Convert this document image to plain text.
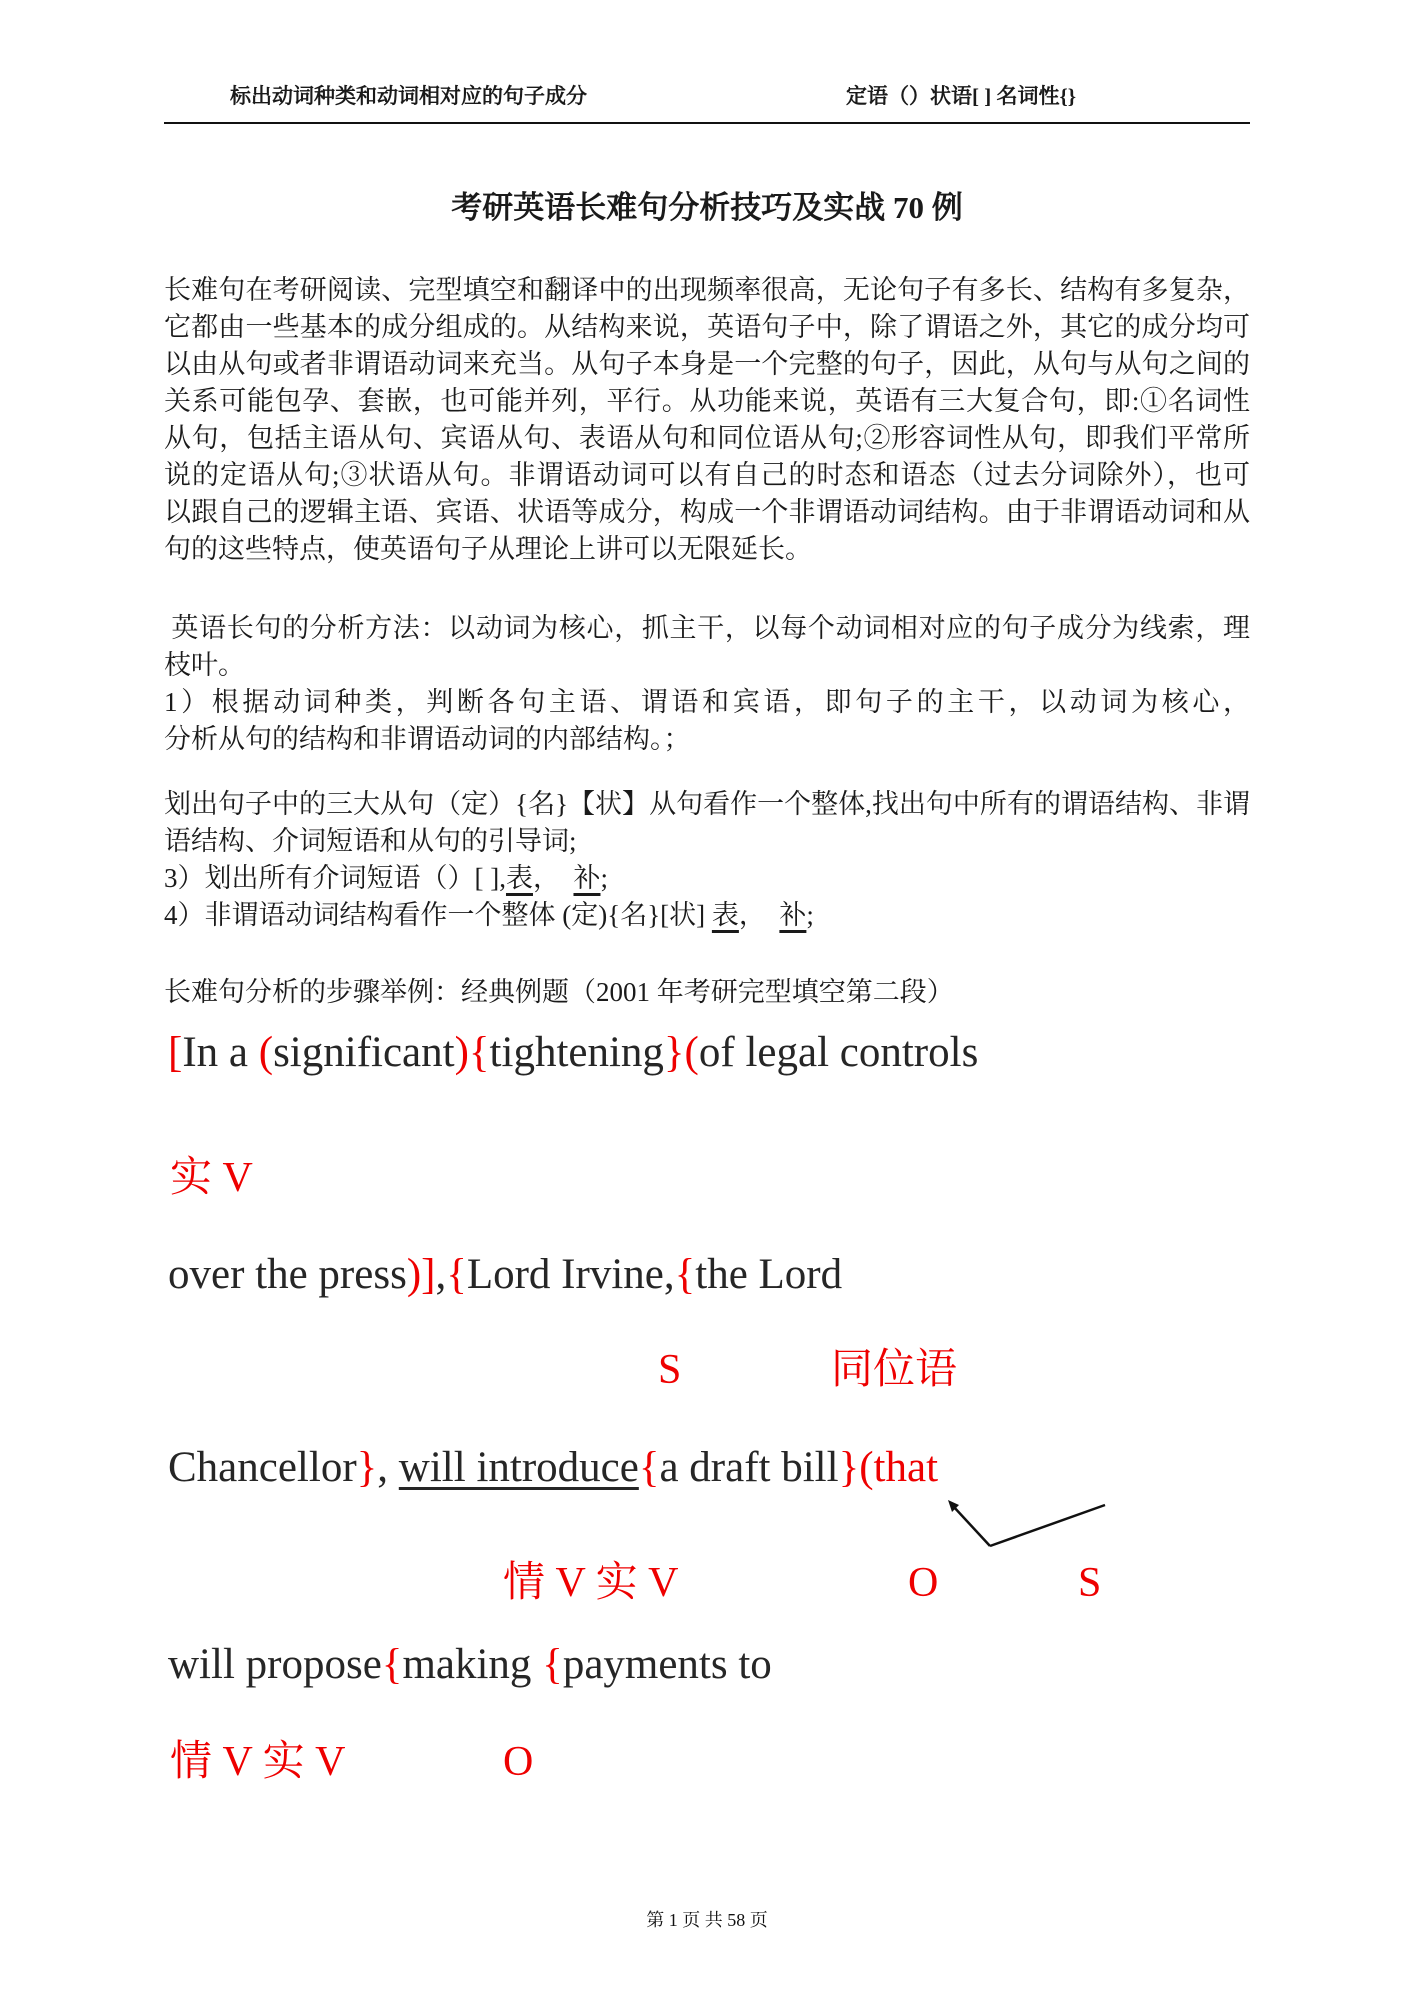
标出动词种类和动词相对应的句子成分	定语（）状语[ ] 名词性{}
考研英语长难句分析技巧及实战 70 例
长难句在考研阅读、完型填空和翻译中的出现频率很高，无论句子有多长、结构有多复杂，
它都由一些基本的成分组成的。从结构来说，英语句子中，除了谓语之外，其它的成分均可
以由从句或者非谓语动词来充当。从句子本身是一个完整的句子，因此，从句与从句之间的
关系可能包孕、套嵌，也可能并列，平行。从功能来说，英语有三大复合句，即:①名词性
从句，包括主语从句、宾语从句、表语从句和同位语从句;②形容词性从句，即我们平常所
说的定语从句;③状语从句。非谓语动词可以有自己的时态和语态（过去分词除外），也可
以跟自己的逻辑主语、宾语、状语等成分，构成一个非谓语动词结构。由于非谓语动词和从
句的这些特点，使英语句子从理论上讲可以无限延长。
英语长句的分析方法：以动词为核心，抓主干，以每个动词相对应的句子成分为线索，理
枝叶。
1）根据动词种类，判断各句主语、谓语和宾语，即句子的主干，以动词为核心，
分析从句的结构和非谓语动词的内部结构。；
划出句子中的三大从句（定）{名}【状】从句看作一个整体,找出句中所有的谓语结构、非谓
语结构、介词短语和从句的引导词;
3）划出所有介词短语（）[ ],表，　补;
4）非谓语动词结构看作一个整体 (定){名}[状] 表，　补;
长难句分析的步骤举例：经典例题（2001 年考研完型填空第二段）
[In a (significant){tightening}(of legal controls
实 V
over the press)],{Lord Irvine,{the Lord
S	同位语
Chancellor}, will introduce{a draft bill}(that
情 V 实 V	O	S
will propose{making {payments to
情 V 实 V	O
第 1 页 共 58 页
